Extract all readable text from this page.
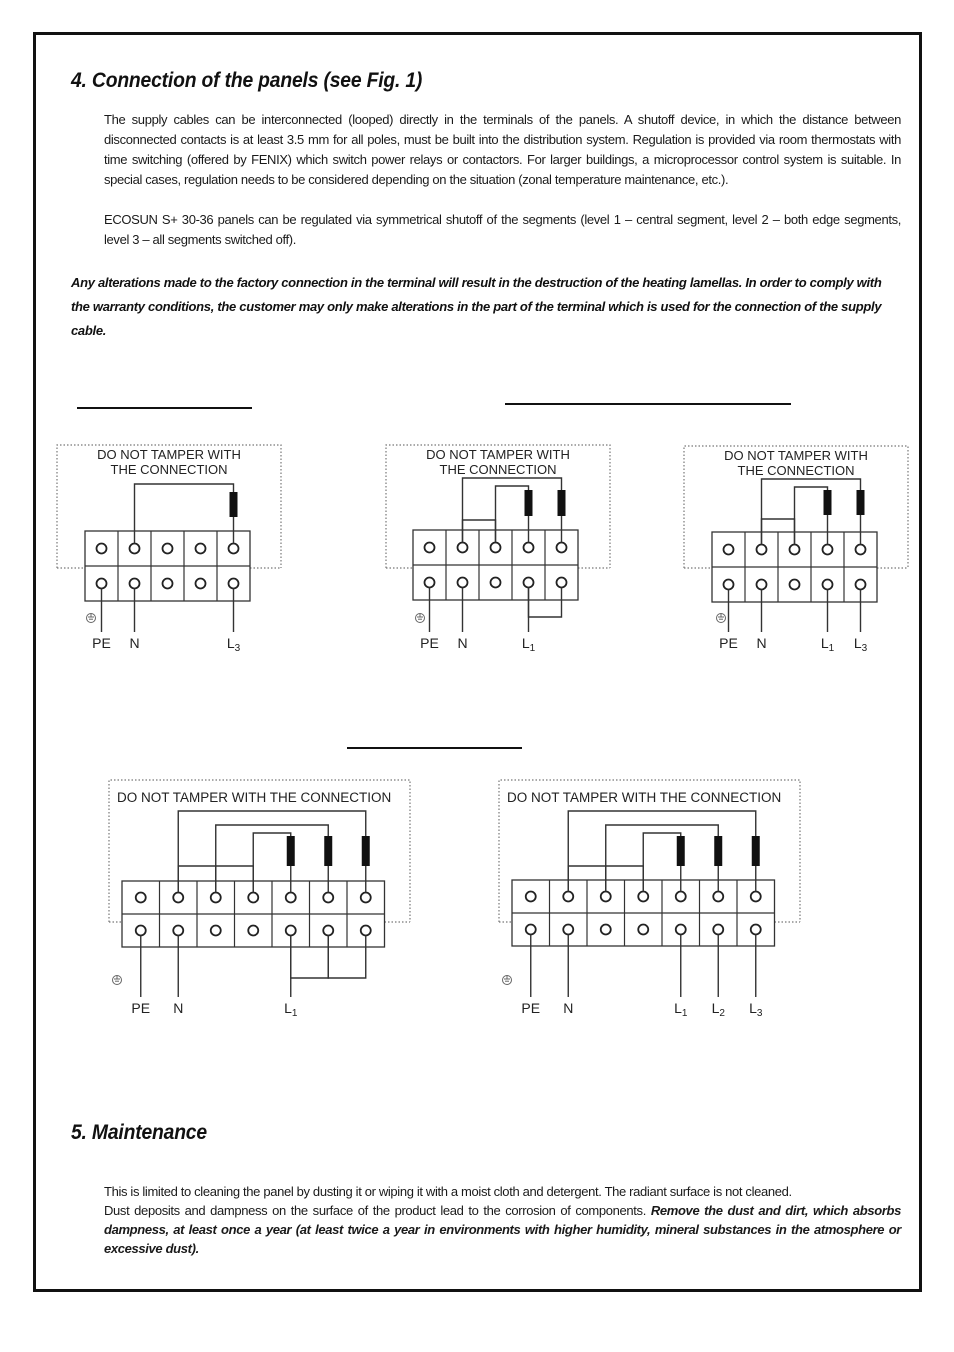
4. Connection of the panels (see Fig. 1)
The supply cables can be interconnected (looped) directly in the terminals of the panels. A shutoff device, in which the distance between disconnected contacts is at least 3.5 mm for all poles, must be built into the distribution system. Regulation is provided via room thermostats with time switching (offered by FENIX) which switch power relays or contactors. For larger buildings, a microprocessor control system is suitable. In special cases, regulation needs to be considered depending on the situation (zonal temperature maintenance, etc.).
ECOSUN S+ 30-36 panels can be regulated via symmetrical shutoff of the segments (level 1 – central segment, level 2 – both edge segments, level 3 – all segments switched off).
Any alterations made to the factory connection in the terminal will result in the destruction of the heating lamellas. In order to comply with the warranty conditions, the customer may only make alterations in the part of the terminal which is used for the connection of the supply cable.
DO NOT TAMPER WITH
THE CONNECTION
PE N	$L_3$
DO NOT TAMPER WITH
THE CONNECTION
PE N	$L_1$
DO NOT TAMPER WITH
THE CONNECTION
PE N	$L_1$ $L_3$
DO NOT TAMPER WITH THE CONNECTION
PE N	$L_1$
DO NOT TAMPER WITH THE CONNECTION
PE N	$L_1$ $L_2$ $L_3$
5. Maintenance
This is limited to cleaning the panel by dusting it or wiping it with a moist cloth and detergent. The radiant surface is not cleaned.
Dust deposits and dampness on the surface of the product lead to the corrosion of components. Remove the dust and dirt, which absorbs dampness, at least once a year (at least twice a year in environments with higher humidity, mineral substances in the atmosphere or excessive dust).
